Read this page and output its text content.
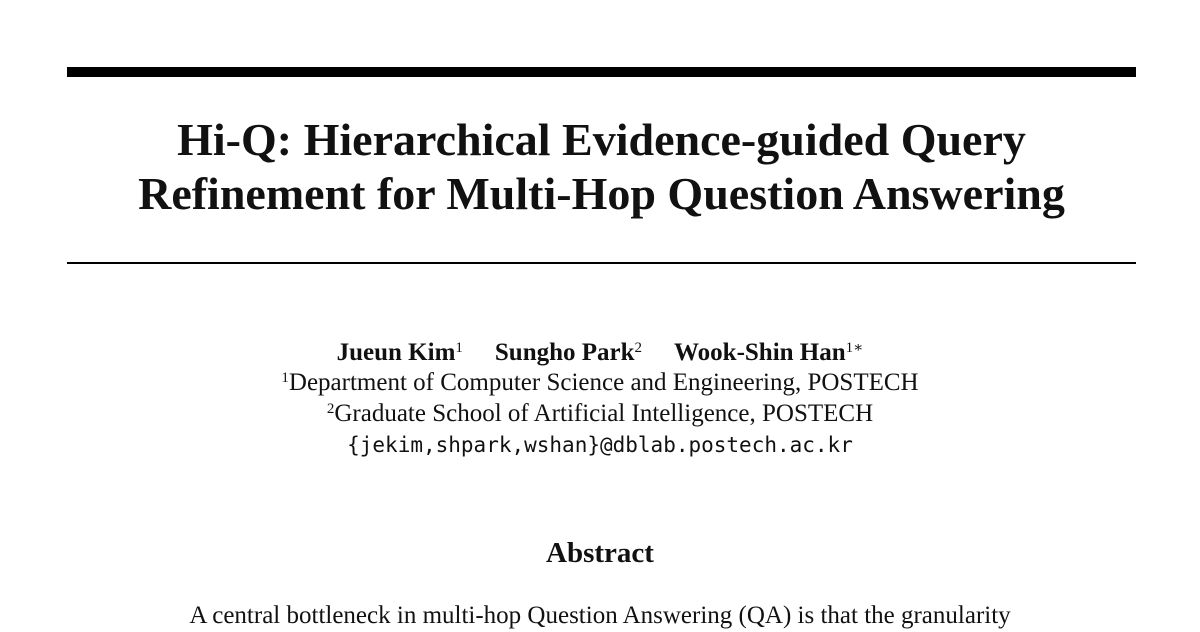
Hi-Q: Hierarchical Evidence-guided Query
Refinement for Multi-Hop Question Answering
Jueun Kim$^1$ Sungho Park$^2$ Wook-Shin Han$^{1∗}$
$^1$Department of Computer Science and Engineering, POSTECH
$^2$Graduate School of Artificial Intelligence, POSTECH
{jekim,shpark,wshan}@dblab.postech.ac.kr
Abstract

A central bottleneck in multi-hop Question Answering (QA) is that the granularity
